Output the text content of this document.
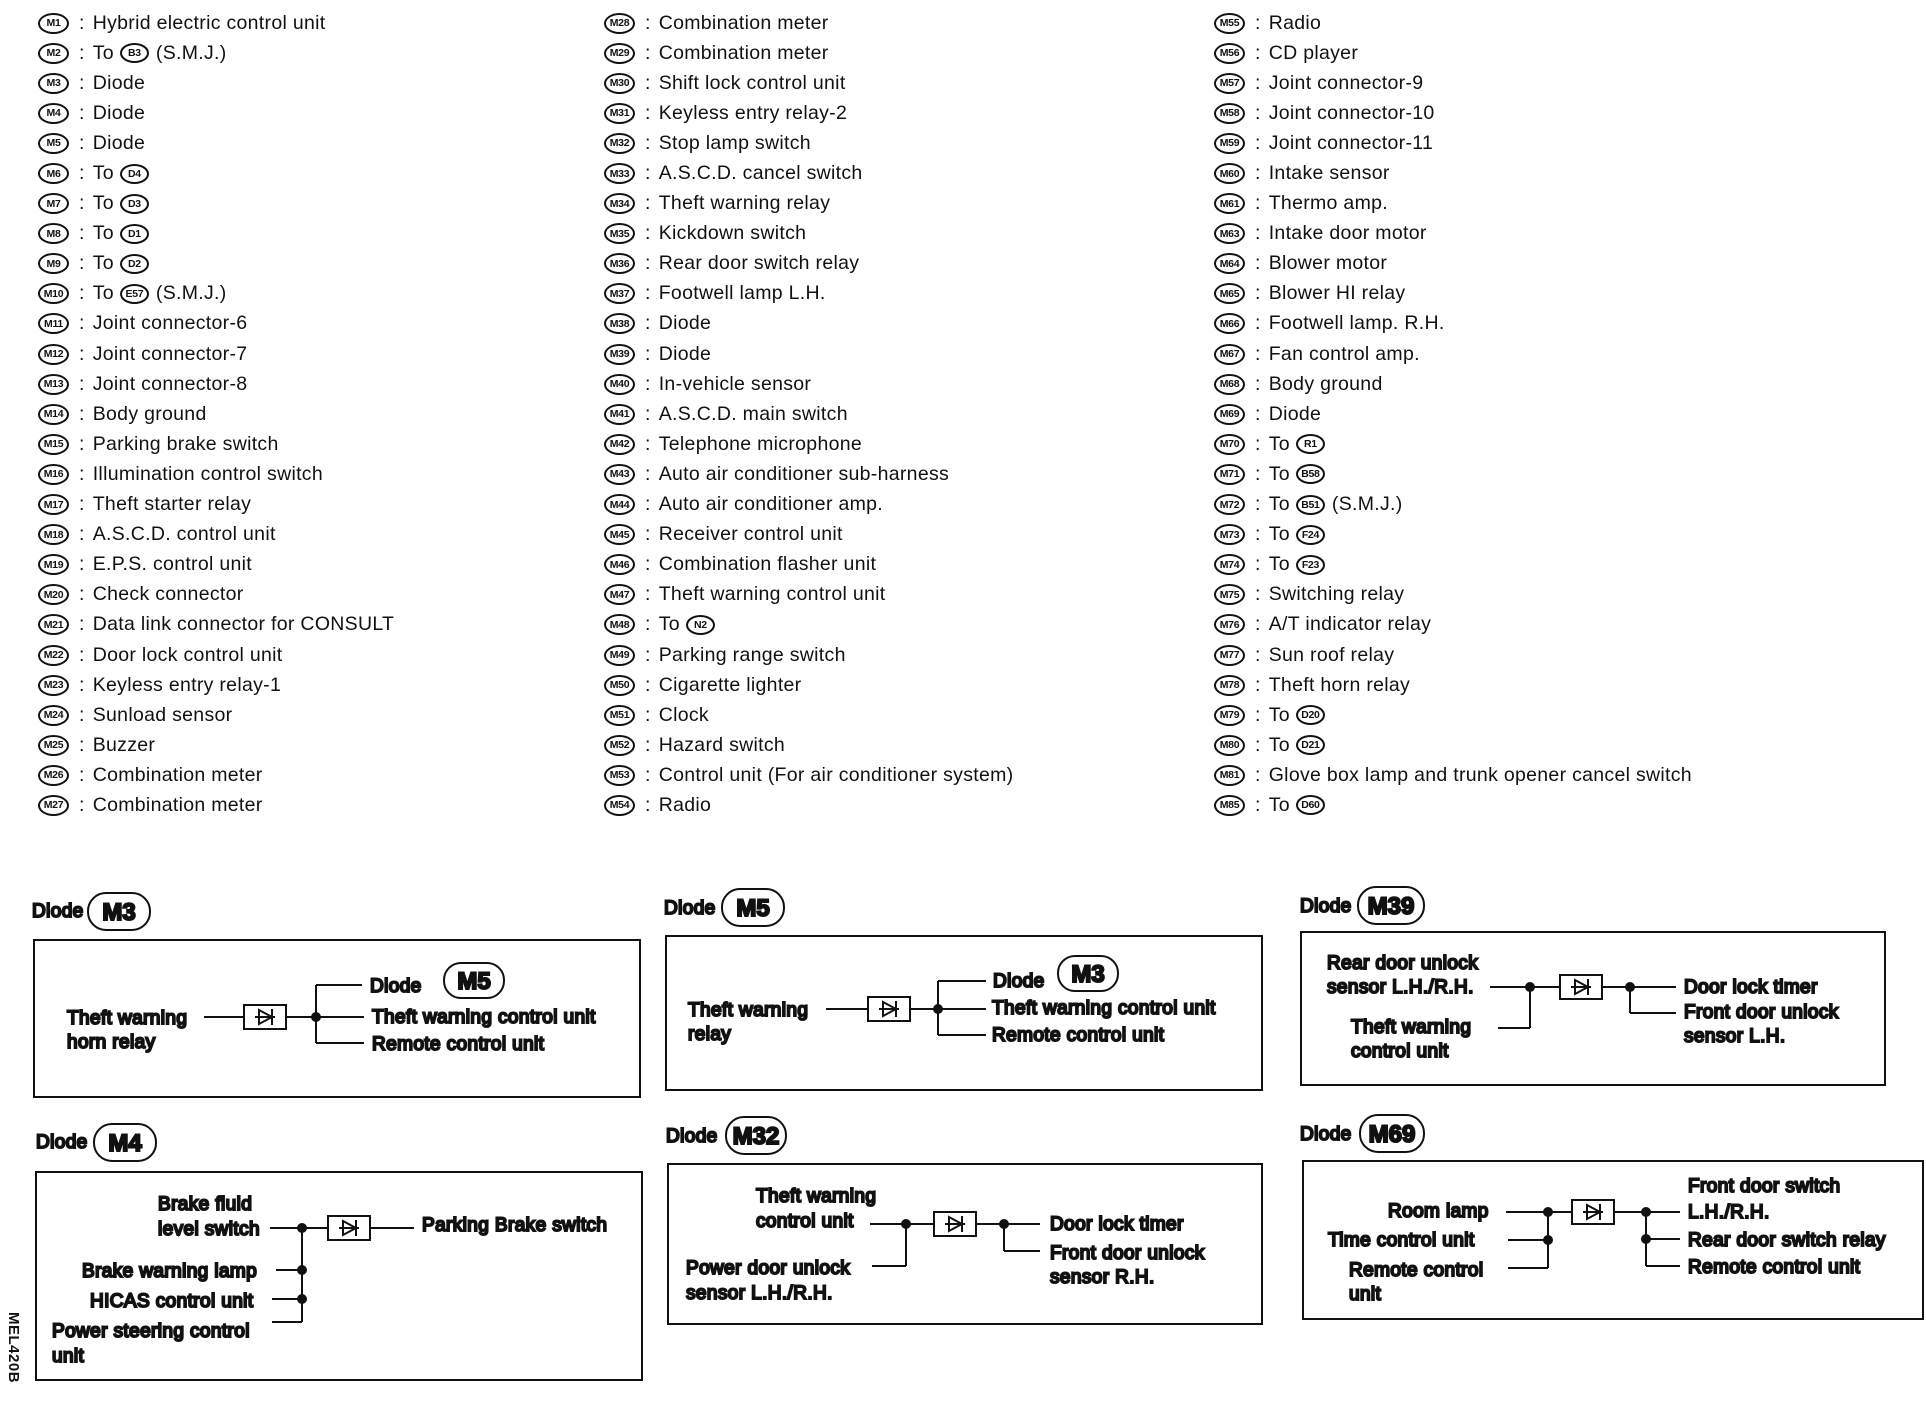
M1 : Hybrid electric control unit
M2 : To	B3 (S.M.J.)
M3 : Diode
M4 : Diode
M5 : Diode
M6 : To	D4
M7 : To	D3
M8 : To	D1
M9 : To	D2
M10 : To	E57 (S.M.J.)
M11 : Joint connector-6
M12 : Joint connector-7
M13 : Joint connector-8
M14 : Body ground
M15 : Parking brake switch
M16 : Illumination control switch
M17 : Theft starter relay
M18 : A.S.C.D. control unit
M19 : E.P.S. control unit
M20 : Check connector
M21 : Data link connector for CONSULT
M22 : Door lock control unit
M23 : Keyless entry relay-1
M24 : Sunload sensor
M25 : Buzzer
M26 : Combination meter
M27 : Combination meter
M28 : Combination meter
M29 : Combination meter
M30 : Shift lock control unit
M31 : Keyless entry relay-2
M32 : Stop lamp switch
M33 : A.S.C.D. cancel switch
M34 : Theft warning relay
M35 : Kickdown switch
M36 : Rear door switch relay
M37 : Footwell lamp L.H.
M38 : Diode
M39 : Diode
M40 : In-vehicle sensor
M41 : A.S.C.D. main switch
M42 : Telephone microphone
M43 : Auto air conditioner sub-harness
M44 : Auto air conditioner amp.
M45 : Receiver control unit
M46 : Combination flasher unit
M47 : Theft warning control unit
M48 : To	N2
M49 : Parking range switch
M50 : Cigarette lighter
M51 : Clock
M52 : Hazard switch
M53 : Control unit (For air conditioner system)
M54 : Radio
M55 : Radio
M56 : CD player
M57 : Joint connector-9
M58 : Joint connector-10
M59 : Joint connector-11
M60 : Intake sensor
M61 : Thermo amp.
M63 : Intake door motor
M64 : Blower motor
M65 : Blower HI relay
M66 : Footwell lamp. R.H.
M67 : Fan control amp.
M68 : Body ground
M69 : Diode
M70 : To	R1
M71 : To	B58
M72 : To	B51 (S.M.J.)
M73 : To	F24
M74 : To	F23
M75 : Switching relay
M76 : A/T indicator relay
M77 : Sun roof relay
M78 : Theft horn relay
M79 : To	D20
M80 : To	D21
M81 : Glove box lamp and trunk opener cancel switch
M85 : To	D60
Diode M3
Theft warning
horn relay
Diode M5
Theft warning control unit
Remote control unit
Diode M5
Theft warning
relay
Diode M3
Theft warning control unit
Remote control unit
Diode M39
Rear door unlock
sensor L.H./R.H.
Theft warning
control unit
Door lock timer
Front door unlock
sensor L.H.
Diode M4
Brake fluid
level switch	Parking Brake switch
Brake warning lamp
HICAS control unit
Power steering control
unit
Diode M32
Theft warning
control unit
Power door unlock
sensor L.H./R.H.
Door lock timer
Front door unlock
sensor R.H.
Diode M69
Room lamp
Time control unit
Remote control
unit
Front door switch
L.H./R.H.
Rear door switch relay
Remote control unit
MEL420B
